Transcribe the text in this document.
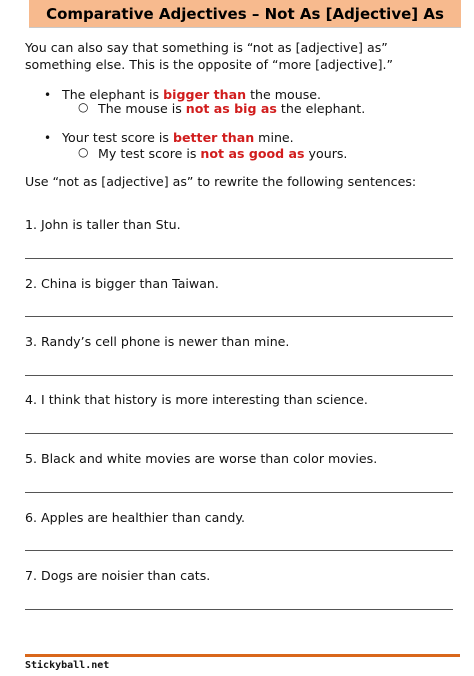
Comparative Adjectives – Not As [Adjective] As

You can also say that something is “not as [adjective] as” something else. This is the opposite of “more [adjective].”

• The elephant is bigger than the mouse.
○ The mouse is not as big as the elephant.
• Your test score is better than mine.
○ My test score is not as good as yours.

Use “not as [adjective] as” to rewrite the following sentences:

1. John is taller than Stu.
2. China is bigger than Taiwan.
3. Randy’s cell phone is newer than mine.
4. I think that history is more interesting than science.
5. Black and white movies are worse than color movies.
6. Apples are healthier than candy.
7. Dogs are noisier than cats.
Stickyball.net
